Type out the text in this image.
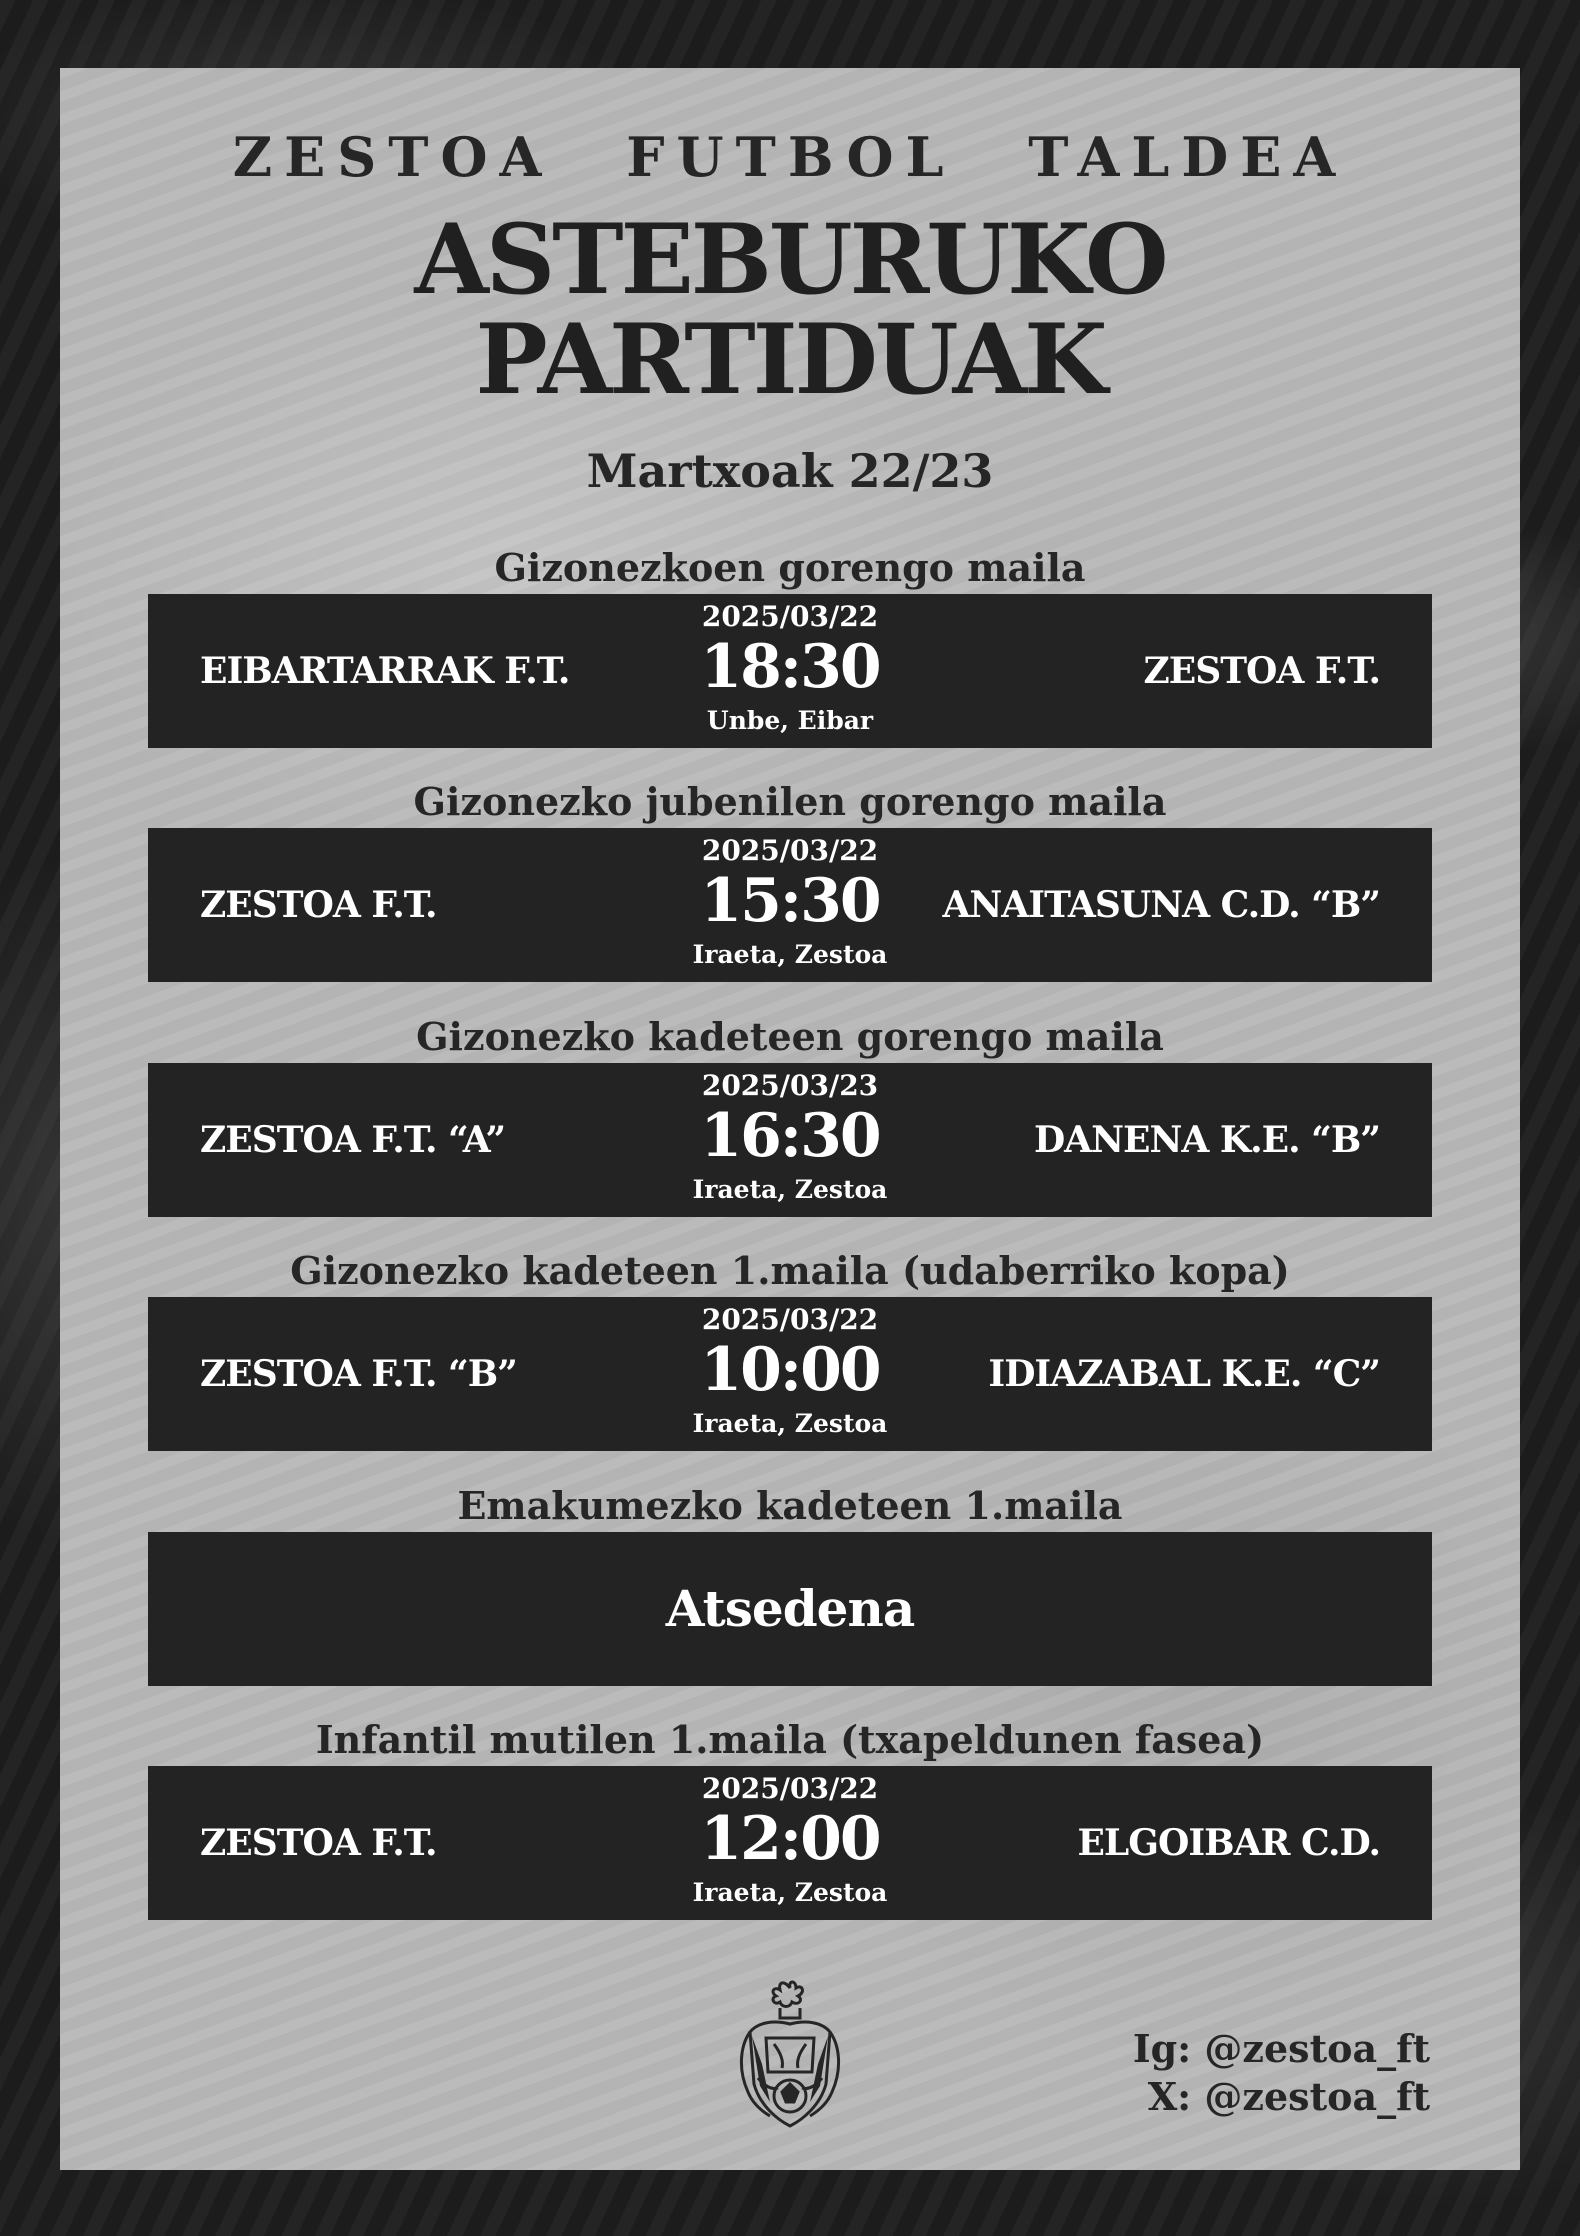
ZESTOA FUTBOL TALDEA
ASTEBURUKO
PARTIDUAK

Martxoak 22/23

Gizonezkoen gorengo maila

EIBARTARRAK F.T.
2025/03/22
18:30
Unbe, Eibar
ZESTOA F.T.

Gizonezko jubenilen gorengo maila

ZESTOA F.T.
2025/03/22
15:30
Iraeta, Zestoa
ANAITASUNA C.D. “B”

Gizonezko kadeteen gorengo maila

ZESTOA F.T. “A”
2025/03/23
16:30
Iraeta, Zestoa
DANENA K.E. “B”

Gizonezko kadeteen 1.maila (udaberriko kopa)

ZESTOA F.T. “B”
2025/03/22
10:00
Iraeta, Zestoa
IDIAZABAL K.E. “C”

Emakumezko kadeteen 1.maila

Atsedena

Infantil mutilen 1.maila (txapeldunen fasea)

ZESTOA F.T.
2025/03/22
12:00
Iraeta, Zestoa
ELGOIBAR C.D.
Ig: @zestoa_ft
X: @zestoa_ft
